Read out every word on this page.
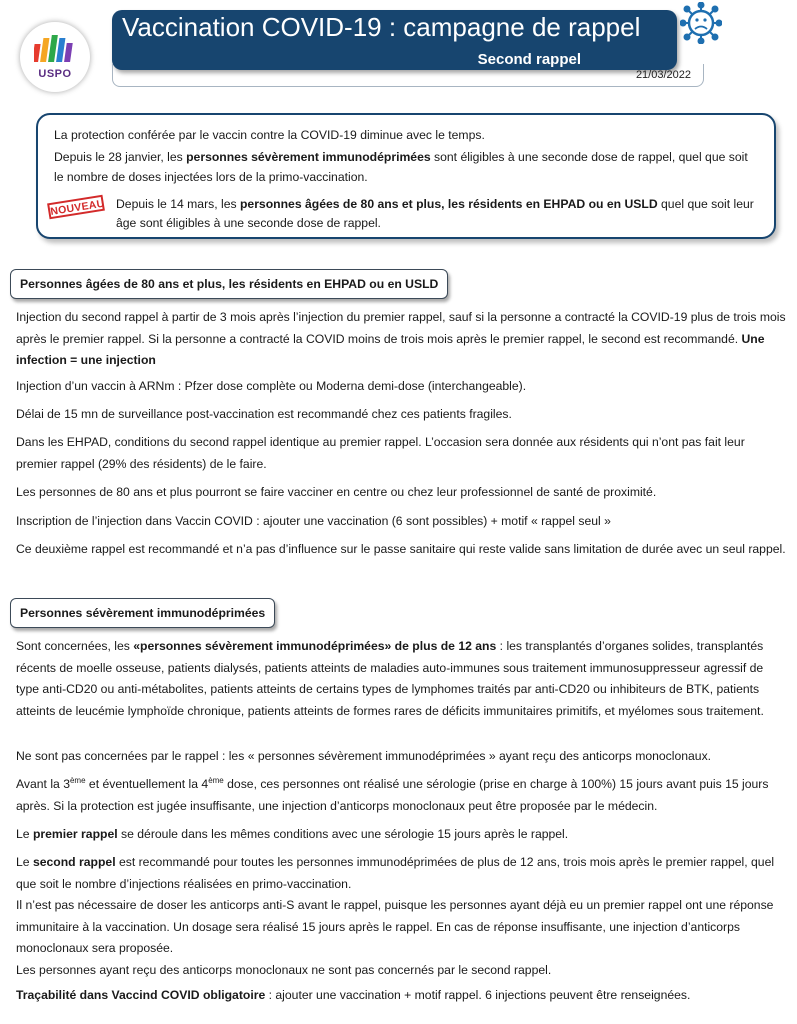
USPO
Vaccination COVID-19 : campagne de rappel
Second rappel
21/03/2022
La protection conférée par le vaccin contre la COVID-19 diminue avec le temps.
Depuis le 28 janvier, les personnes sévèrement immunodéprimées sont éligibles à une seconde dose de rappel, quel que soit
le nombre de doses injectées lors de la primo-vaccination.
NOUVEAU Depuis le 14 mars, les personnes âgées de 80 ans et plus, les résidents en EHPAD ou en USLD quel que soit leur âge sont éligibles à une seconde dose de rappel.
Personnes âgées de 80 ans et plus, les résidents en EHPAD ou en USLD
Injection du second rappel à partir de 3 mois après l’injection du premier rappel, sauf si la personne a contracté la COVID-19 plus de trois mois après le premier rappel. Si la personne a contracté la COVID moins de trois mois après le premier rappel, le second est recommandé. Une infection = une injection
Injection d’un vaccin à ARNm : Pfzer dose complète ou Moderna demi-dose (interchangeable).
Délai de 15 mn de surveillance post-vaccination est recommandé chez ces patients fragiles.
Dans les EHPAD, conditions du second rappel identique au premier rappel. L’occasion sera donnée aux résidents qui n’ont pas fait leur premier rappel (29% des résidents) de le faire.
Les personnes de 80 ans et plus pourront se faire vacciner en centre ou chez leur professionnel de santé de proximité.
Inscription de l’injection dans Vaccin COVID : ajouter une vaccination (6 sont possibles) + motif « rappel seul »
Ce deuxième rappel est recommandé et n’a pas d’influence sur le passe sanitaire qui reste valide sans limitation de durée avec un seul rappel.
Personnes sévèrement immunodéprimées
Sont concernées, les «personnes sévèrement immunodéprimées» de plus de 12 ans : les transplantés d’organes solides, transplantés récents de moelle osseuse, patients dialysés, patients atteints de maladies auto-immunes sous traitement immunosuppresseur agressif de type anti-CD20 ou anti-métabolites, patients atteints de certains types de lymphomes traités par anti-CD20 ou inhibiteurs de BTK, patients atteints de leucémie lymphoïde chronique, patients atteints de formes rares de déficits immunitaires primitifs, et myélomes sous traitement.
Ne sont pas concernées par le rappel : les « personnes sévèrement immunodéprimées » ayant reçu des anticorps monoclonaux.
Avant la 3ème et éventuellement la 4ème dose, ces personnes ont réalisé une sérologie (prise en charge à 100%) 15 jours avant puis 15 jours après. Si la protection est jugée insuffisante, une injection d’anticorps monoclonaux peut être proposée par le médecin.
Le premier rappel se déroule dans les mêmes conditions avec une sérologie 15 jours après le rappel.
Le second rappel est recommandé pour toutes les personnes immunodéprimées de plus de 12 ans, trois mois après le premier rappel, quel que soit le nombre d’injections réalisées en primo-vaccination.
Il n’est pas nécessaire de doser les anticorps anti-S avant le rappel, puisque les personnes ayant déjà eu un premier rappel ont une réponse immunitaire à la vaccination. Un dosage sera réalisé 15 jours après le rappel. En cas de réponse insuffisante, une injection d’anticorps monoclonaux sera proposée.
Les personnes ayant reçu des anticorps monoclonaux ne sont pas concernés par le second rappel.
Traçabilité dans Vaccind COVID obligatoire : ajouter une vaccination + motif rappel. 6 injections peuvent être renseignées.
